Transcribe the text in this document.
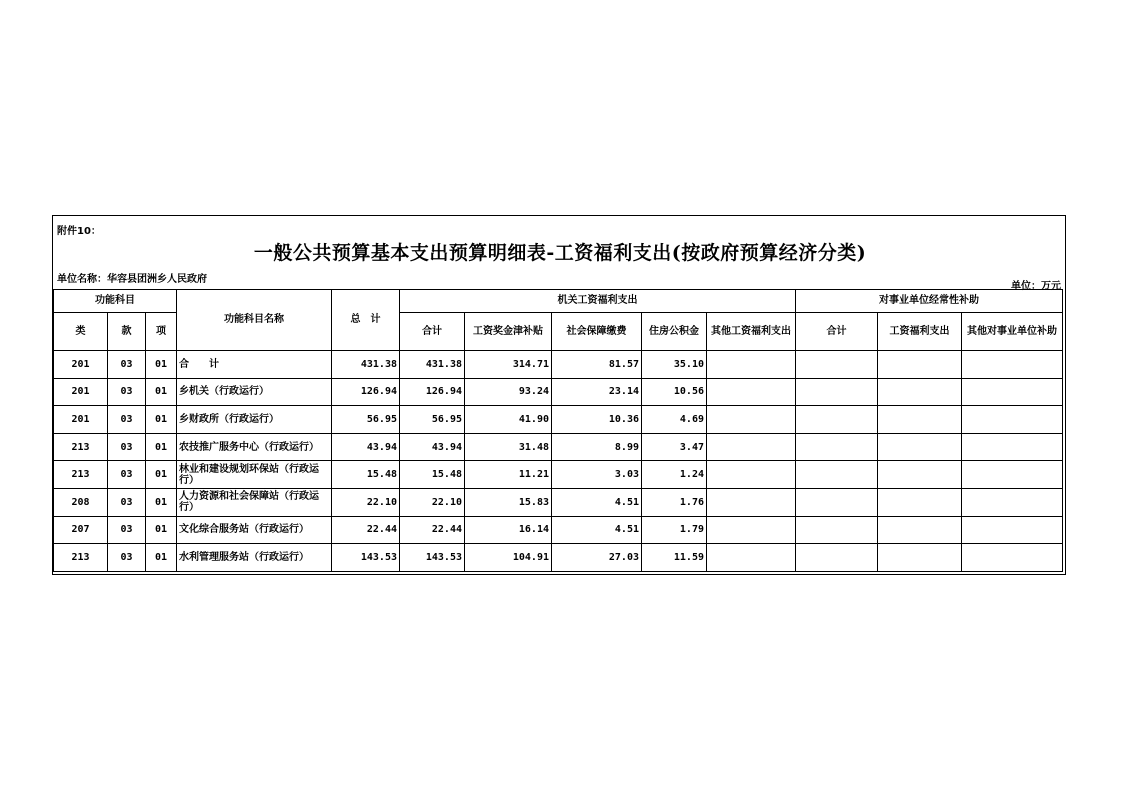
附件10：
一般公共预算基本支出预算明细表-工资福利支出(按政府预算经济分类)
单位名称：华容县团洲乡人民政府
单位：万元
功能科目			功能科目名称	总　计	机关工资福利支出					对事业单位经常性补助		
类	款	项			合计	工资奖金津补贴	社会保障缴费	住房公积金	其他工资福利支出	合计	工资福利支出	其他对事业单位补助
201	03	01	合　　计	431.38	431.38	314.71	81.57	35.10				
201	03	01	乡机关（行政运行）	126.94	126.94	93.24	23.14	10.56				
201	03	01	乡财政所（行政运行）	56.95	56.95	41.90	10.36	4.69				
213	03	01	农技推广服务中心（行政运行）	43.94	43.94	31.48	8.99	3.47				
213	03	01	林业和建设规划环保站（行政运行）	15.48	15.48	11.21	3.03	1.24				
208	03	01	人力资源和社会保障站（行政运行）	22.10	22.10	15.83	4.51	1.76				
207	03	01	文化综合服务站（行政运行）	22.44	22.44	16.14	4.51	1.79				
213	03	01	水利管理服务站（行政运行）	143.53	143.53	104.91	27.03	11.59				
